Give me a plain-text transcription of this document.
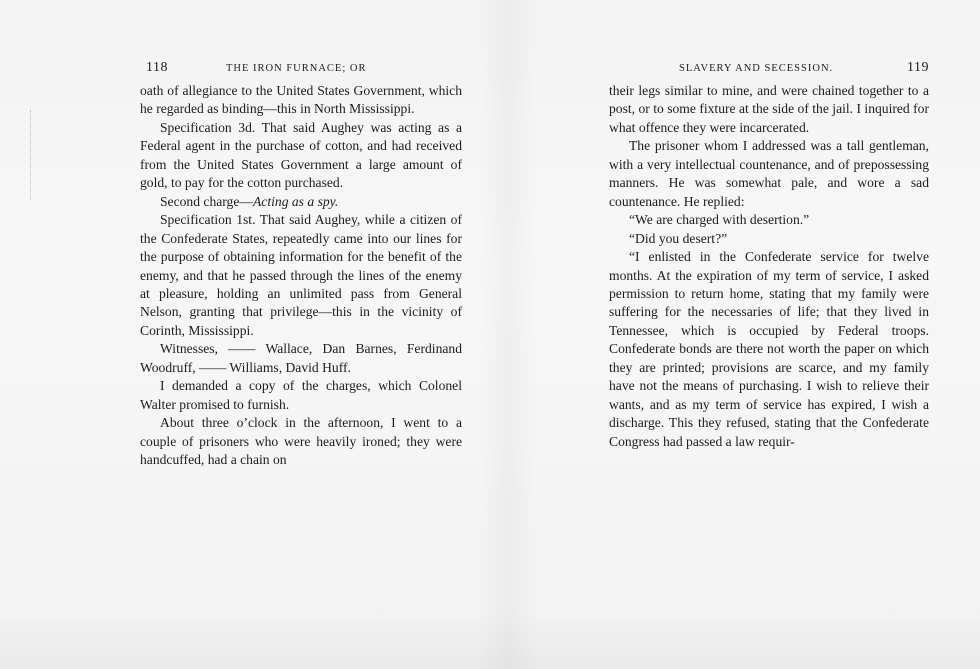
118	THE IRON FURNACE; OR

oath of allegiance to the United States Government, which he regarded as binding—this in North Mississippi.

Specification 3d. That said Aughey was acting as a Federal agent in the purchase of cotton, and had received from the United States Government a large amount of gold, to pay for the cotton purchased.

Second charge—Acting as a spy.

Specification 1st. That said Aughey, while a citizen of the Confederate States, repeatedly came into our lines for the purpose of obtaining information for the benefit of the enemy, and that he passed through the lines of the enemy at pleasure, holding an unlimited pass from General Nelson, granting that privilege—this in the vicinity of Corinth, Mississippi.

Witnesses, —— Wallace, Dan Barnes, Ferdinand Woodruff, —— Williams, David Huff.

I demanded a copy of the charges, which Colonel Walter promised to furnish.

About three o’clock in the afternoon, I went to a couple of prisoners who were heavily ironed; they were handcuffed, had a chain on

SLAVERY AND SECESSION.	119

their legs similar to mine, and were chained together to a post, or to some fixture at the side of the jail. I inquired for what offence they were incarcerated.

The prisoner whom I addressed was a tall gentleman, with a very intellectual countenance, and of prepossessing manners. He was somewhat pale, and wore a sad countenance. He replied:

“We are charged with desertion.”

“Did you desert?”

“I enlisted in the Confederate service for twelve months. At the expiration of my term of service, I asked permission to return home, stating that my family were suffering for the necessaries of life; that they lived in Tennessee, which is occupied by Federal troops. Confederate bonds are there not worth the paper on which they are printed; provisions are scarce, and my family have not the means of purchasing. I wish to relieve their wants, and as my term of service has expired, I wish a discharge. This they refused, stating that the Confederate Congress had passed a law requir-
